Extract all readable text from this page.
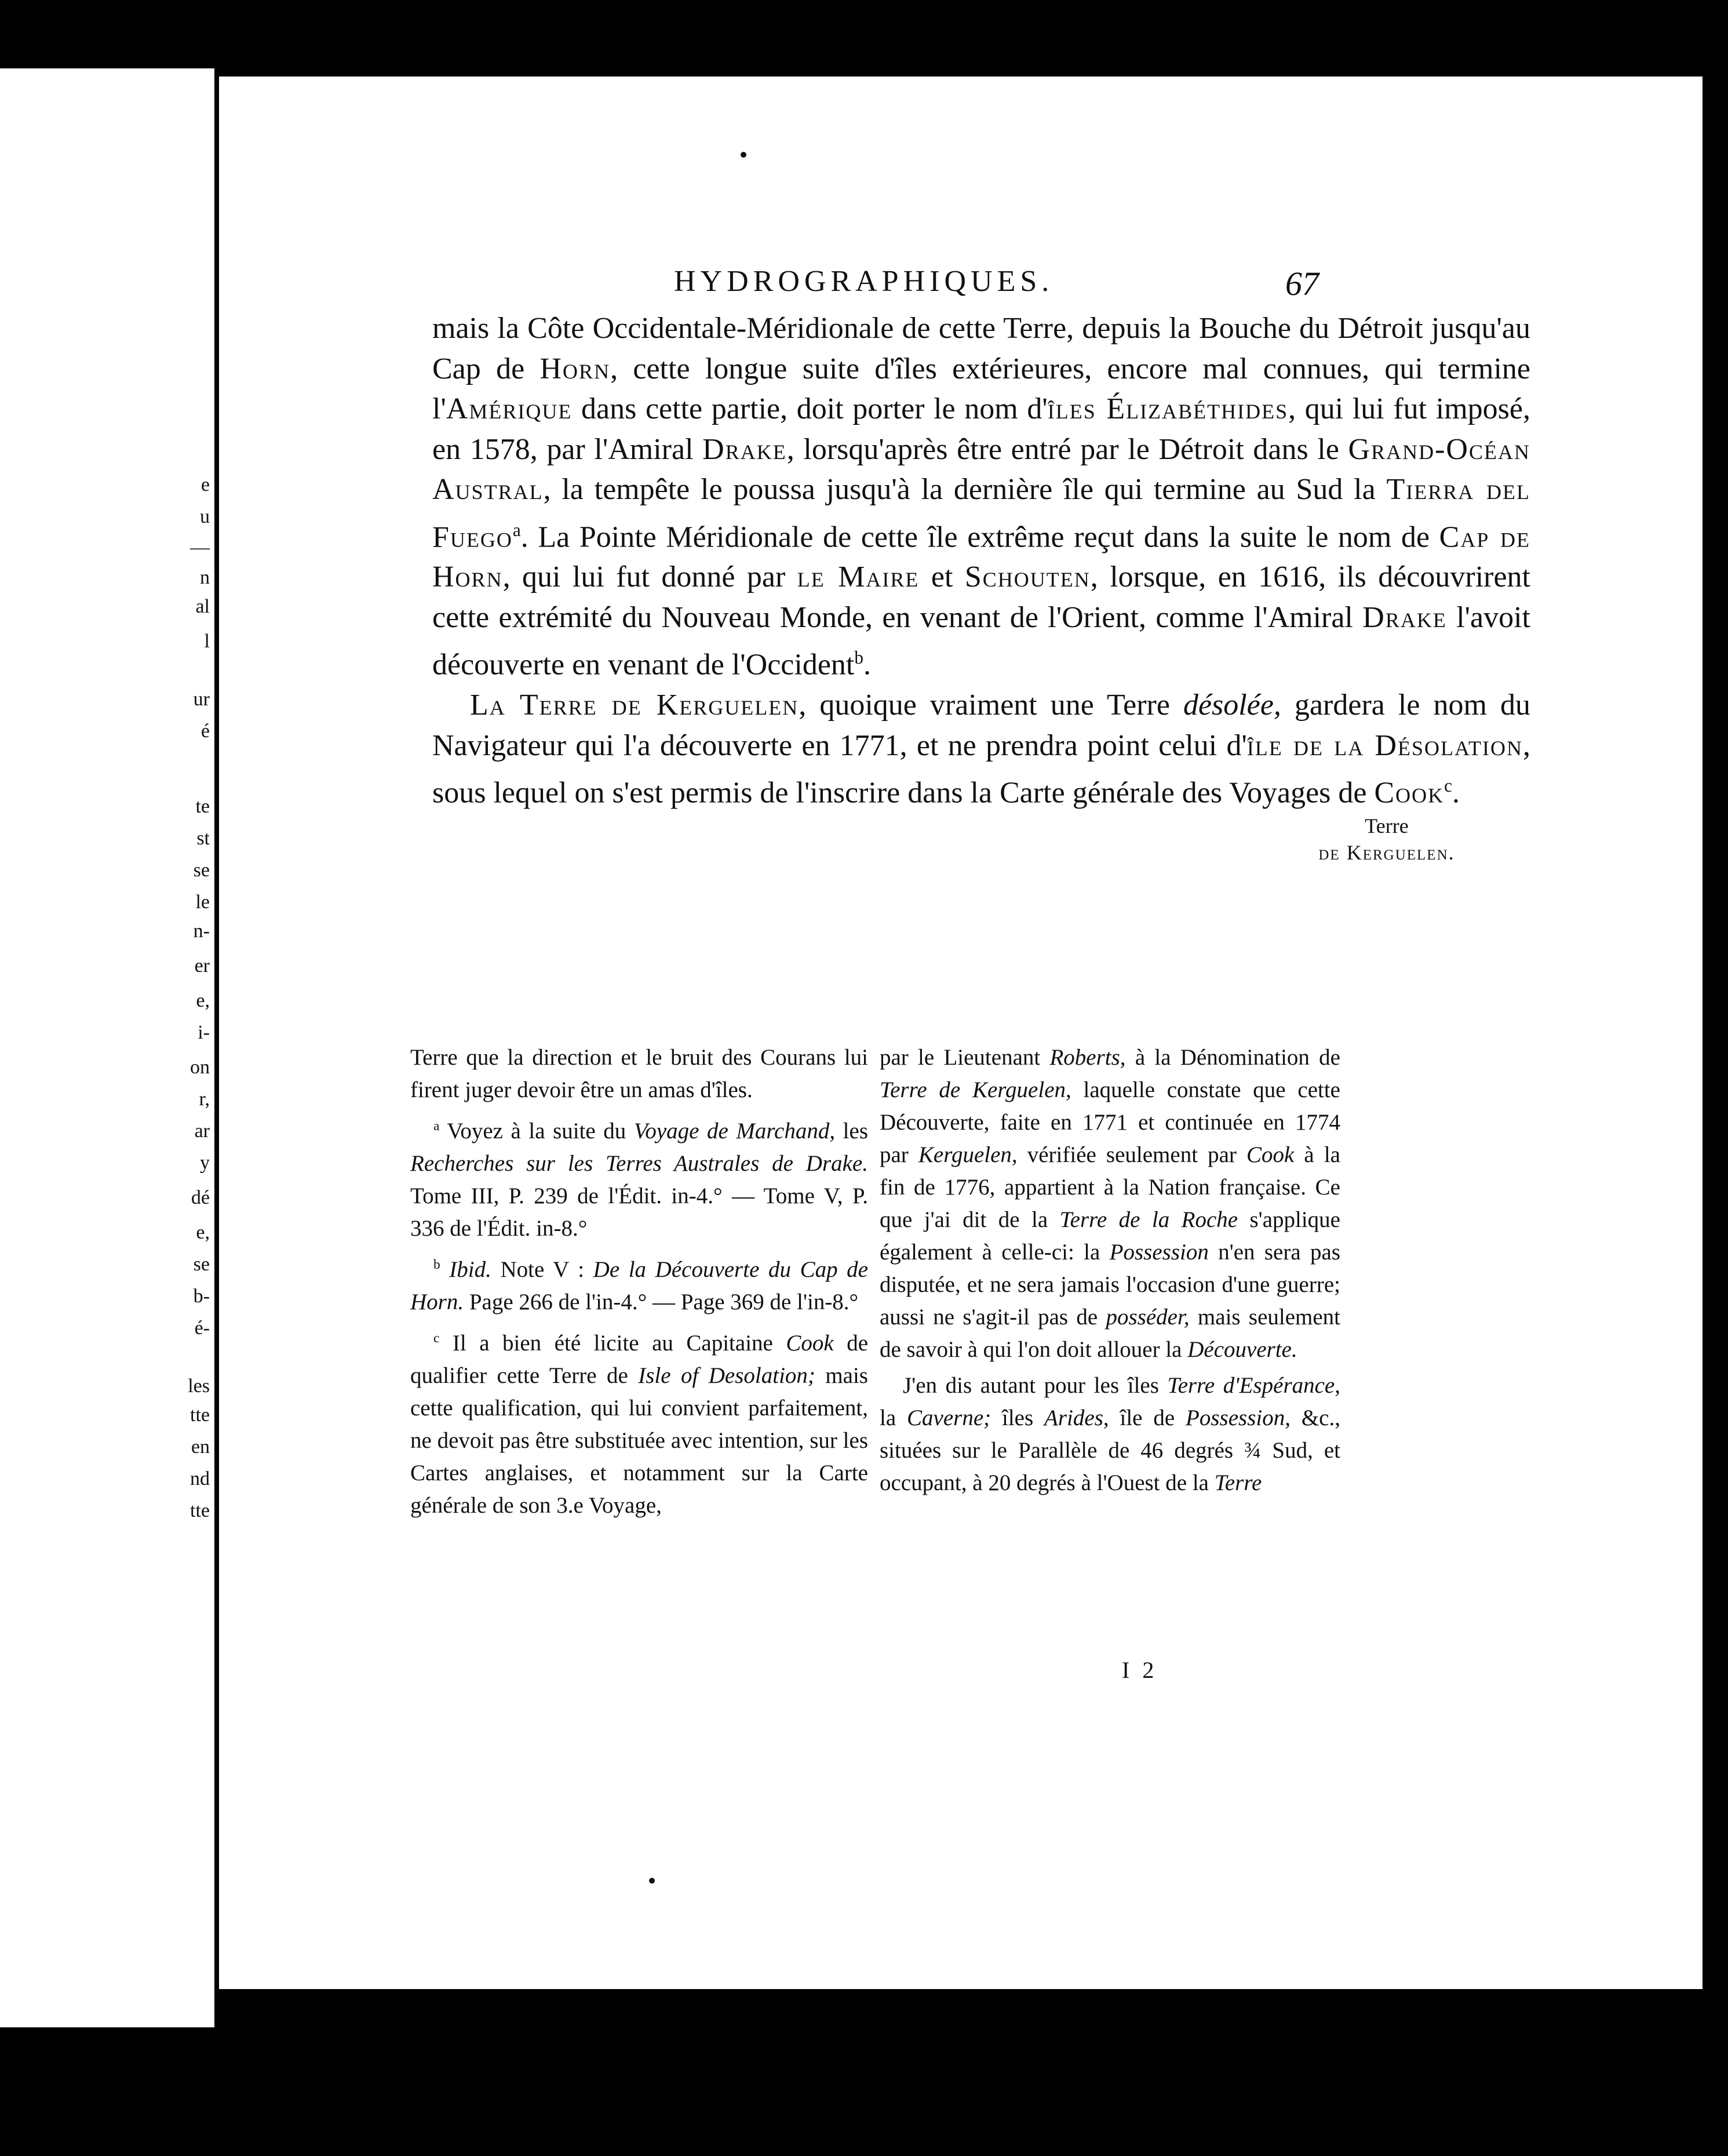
e
u
—
n
al
l
ur
é
te
st
se
le
n-
er
e,
i-
on
r,
ar
y
dé
e,
se
b-
é-
les
tte
en
nd
tte
HYDROGRAPHIQUES.	67

mais la Côte Occidentale-Méridionale de cette Terre, depuis la Bouche du Détroit jusqu'au Cap de Horn, cette longue suite d'îles extérieures, encore mal connues, qui termine l'Amérique dans cette partie, doit porter le nom d'îles Élizabéthides, qui lui fut imposé, en 1578, par l'Amiral Drake, lorsqu'après être entré par le Détroit dans le Grand-Océan Austral, la tempête le poussa jusqu'à la dernière île qui termine au Sud la Tierra del Fuego$^a$. La Pointe Méridionale de cette île extrême reçut dans la suite le nom de Cap de Horn, qui lui fut donné par le Maire et Schouten, lorsque, en 1616, ils découvrirent cette extrémité du Nouveau Monde, en venant de l'Orient, comme l'Amiral Drake l'avoit découverte en venant de l'Occident$^b$.

La Terre de Kerguelen, quoique vraiment une Terre désolée, gardera le nom du Navigateur qui l'a découverte en 1771, et ne prendra point celui d'île de la Désolation, sous lequel on s'est permis de l'inscrire dans la Carte générale des Voyages de Cook$^c$.

Terre
de Kerguelen.

Terre que la direction et le bruit des Courans lui firent juger devoir être un amas d'îles.

$^a$ Voyez à la suite du Voyage de Marchand, les Recherches sur les Terres Australes de Drake. Tome III, P. 239 de l'Édit. in-4.° — Tome V, P. 336 de l'Édit. in-8.°

$^b$ Ibid. Note V : De la Découverte du Cap de Horn. Page 266 de l'in-4.° — Page 369 de l'in-8.°

$^c$ Il a bien été licite au Capitaine Cook de qualifier cette Terre de Isle of Desolation; mais cette qualification, qui lui convient parfaitement, ne devoit pas être substituée avec intention, sur les Cartes anglaises, et notamment sur la Carte générale de son 3.e Voyage,

par le Lieutenant Roberts, à la Dénomination de Terre de Kerguelen, laquelle constate que cette Découverte, faite en 1771 et continuée en 1774 par Kerguelen, vérifiée seulement par Cook à la fin de 1776, appartient à la Nation française. Ce que j'ai dit de la Terre de la Roche s'applique également à celle-ci: la Possession n'en sera pas disputée, et ne sera jamais l'occasion d'une guerre; aussi ne s'agit-il pas de posséder, mais seulement de savoir à qui l'on doit allouer la Découverte.

J'en dis autant pour les îles Terre d'Espérance, la Caverne; îles Arides, île de Possession, &c., situées sur le Parallèle de 46 degrés ¾ Sud, et occupant, à 20 degrés à l'Ouest de la Terre

I 2
